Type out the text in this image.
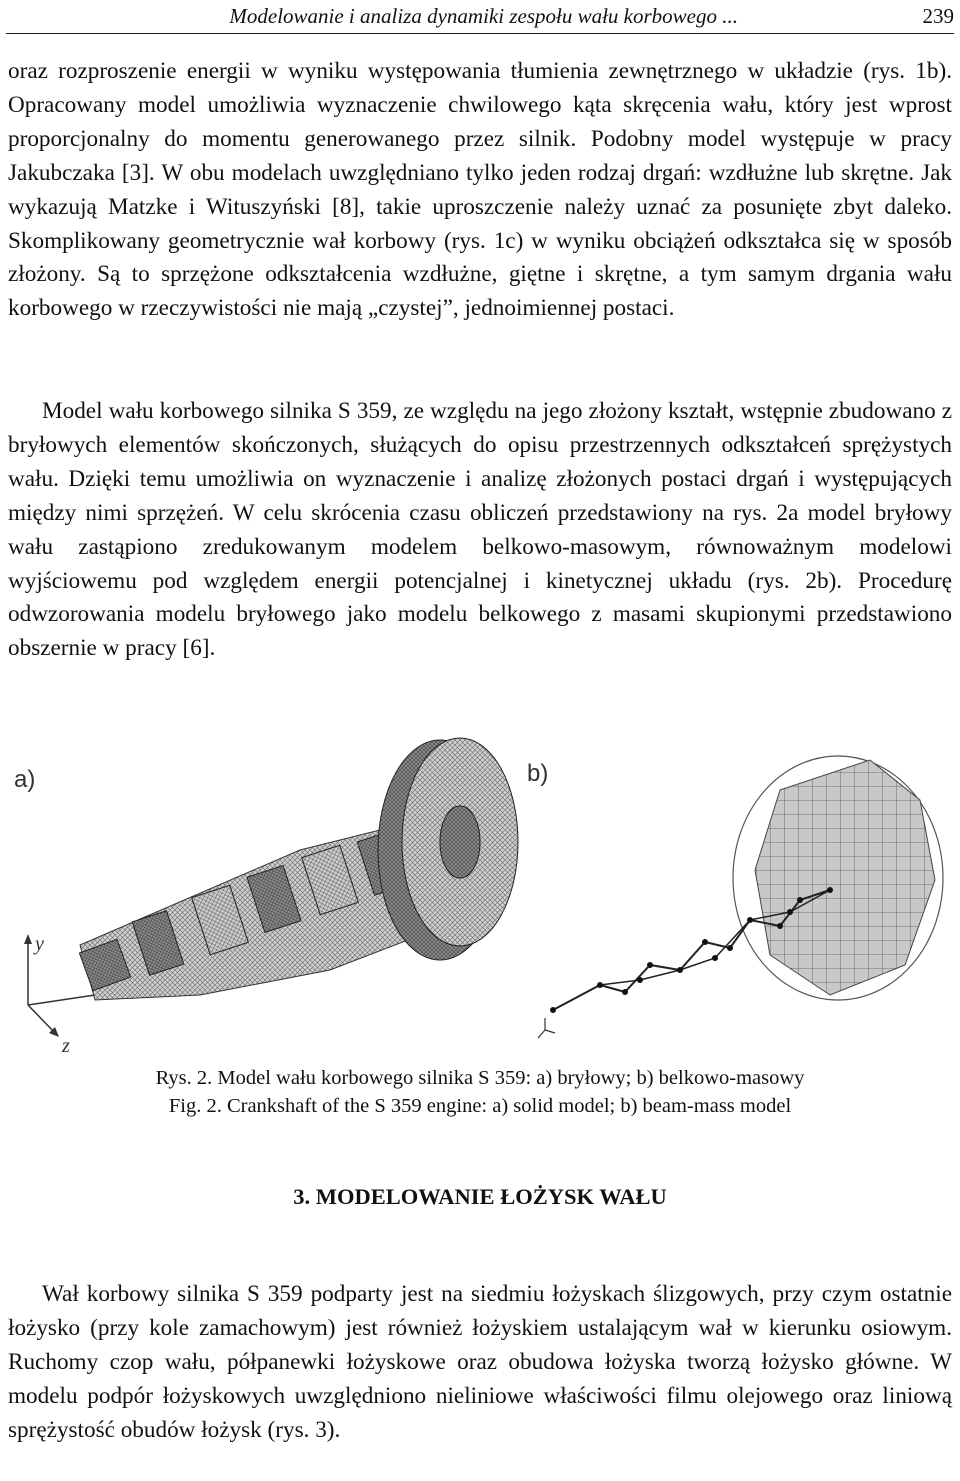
Modelowanie i analiza dynamiki zespołu wału korbowego ...	239

oraz rozproszenie energii w wyniku występowania tłumienia zewnętrznego w układzie (rys. 1b). Opracowany model umożliwia wyznaczenie chwilowego kąta skręcenia wału, który jest wprost proporcjonalny do momentu generowanego przez silnik. Podobny model występuje w pracy Jakubczaka [3]. W obu modelach uwzględniano tylko jeden rodzaj drgań: wzdłużne lub skrętne. Jak wykazują Matzke i Wituszyński [8], takie uproszczenie należy uznać za posunięte zbyt daleko. Skomplikowany geometrycznie wał korbowy (rys. 1c) w wyniku obciążeń odkształca się w sposób złożony. Są to sprzężone odkształcenia wzdłużne, giętne i skrętne, a tym samym drgania wału korbowego w rzeczywistości nie mają „czystej”, jednoimiennej postaci.

Model wału korbowego silnika S 359, ze względu na jego złożony kształt, wstępnie zbudowano z bryłowych elementów skończonych, służących do opisu przestrzennych odkształceń sprężystych wału. Dzięki temu umożliwia on wyznaczenie i analizę złożonych postaci drgań i występujących między nimi sprzężeń. W celu skrócenia czasu obliczeń przedstawiony na rys. 2a model bryłowy wału zastąpiono zredukowanym modelem belkowo-masowym, równoważnym modelowi wyjściowemu pod względem energii potencjalnej i kinetycznej układu (rys. 2b). Procedurę odwzorowania modelu bryłowego jako modelu belkowego z masami skupionymi przedstawiono obszernie w pracy [6].

a)	b)
y
z
Rys. 2. Model wału korbowego silnika S 359: a) bryłowy; b) belkowo-masowy
Fig. 2. Crankshaft of the S 359 engine: a) solid model; b) beam-mass model
3. MODELOWANIE ŁOŻYSK WAŁU

Wał korbowy silnika S 359 podparty jest na siedmiu łożyskach ślizgowych, przy czym ostatnie łożysko (przy kole zamachowym) jest również łożyskiem ustalającym wał w kierunku osiowym. Ruchomy czop wału, półpanewki łożyskowe oraz obudowa łożyska tworzą łożysko główne. W modelu podpór łożyskowych uwzględniono nieliniowe właściwości filmu olejowego oraz liniową sprężystość obudów łożysk (rys. 3).
